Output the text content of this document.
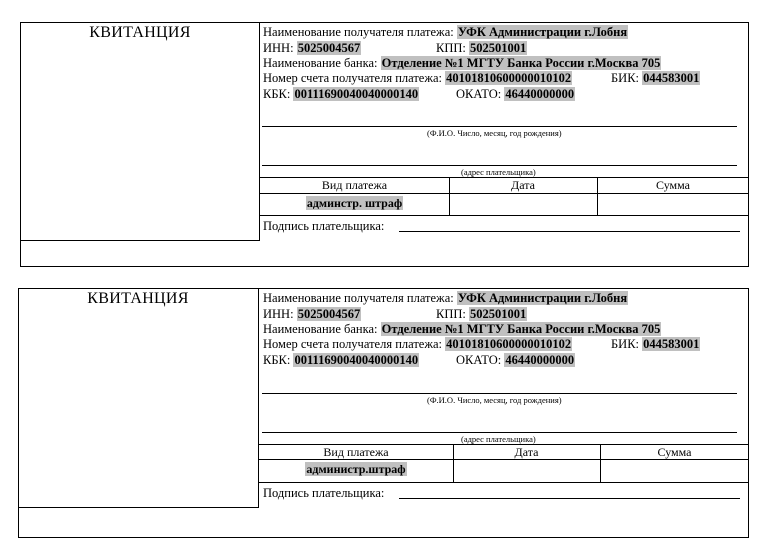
КВИТАНЦИЯ	Наименование получателя платежа: УФК Администрации г.Лобня
ИНН: 5025004567	КПП: 502501001
Наименование банка: Отделение №1 МГТУ Банка России г.Москва 705
Номер счета получателя платежа: 40101810600000010102	БИК: 044583001
КБК: 00111690040040000140	ОКАТО: 46440000000
(Ф.И.О. Число, месяц, год рождения)
(адрес плательщика)
Вид платежа	Дата	Сумма
админстр. штраф
Подпись плательщика:
КВИТАНЦИЯ	Наименование получателя платежа: УФК Администрации г.Лобня
ИНН: 5025004567	КПП: 502501001
Наименование банка: Отделение №1 МГТУ Банка России г.Москва 705
Номер счета получателя платежа: 40101810600000010102	БИК: 044583001
КБК: 00111690040040000140	ОКАТО: 46440000000
(Ф.И.О. Число, месяц, год рождения)
(адрес плательщика)
Вид платежа	Дата	Сумма
администр.штраф
Подпись плательщика:
